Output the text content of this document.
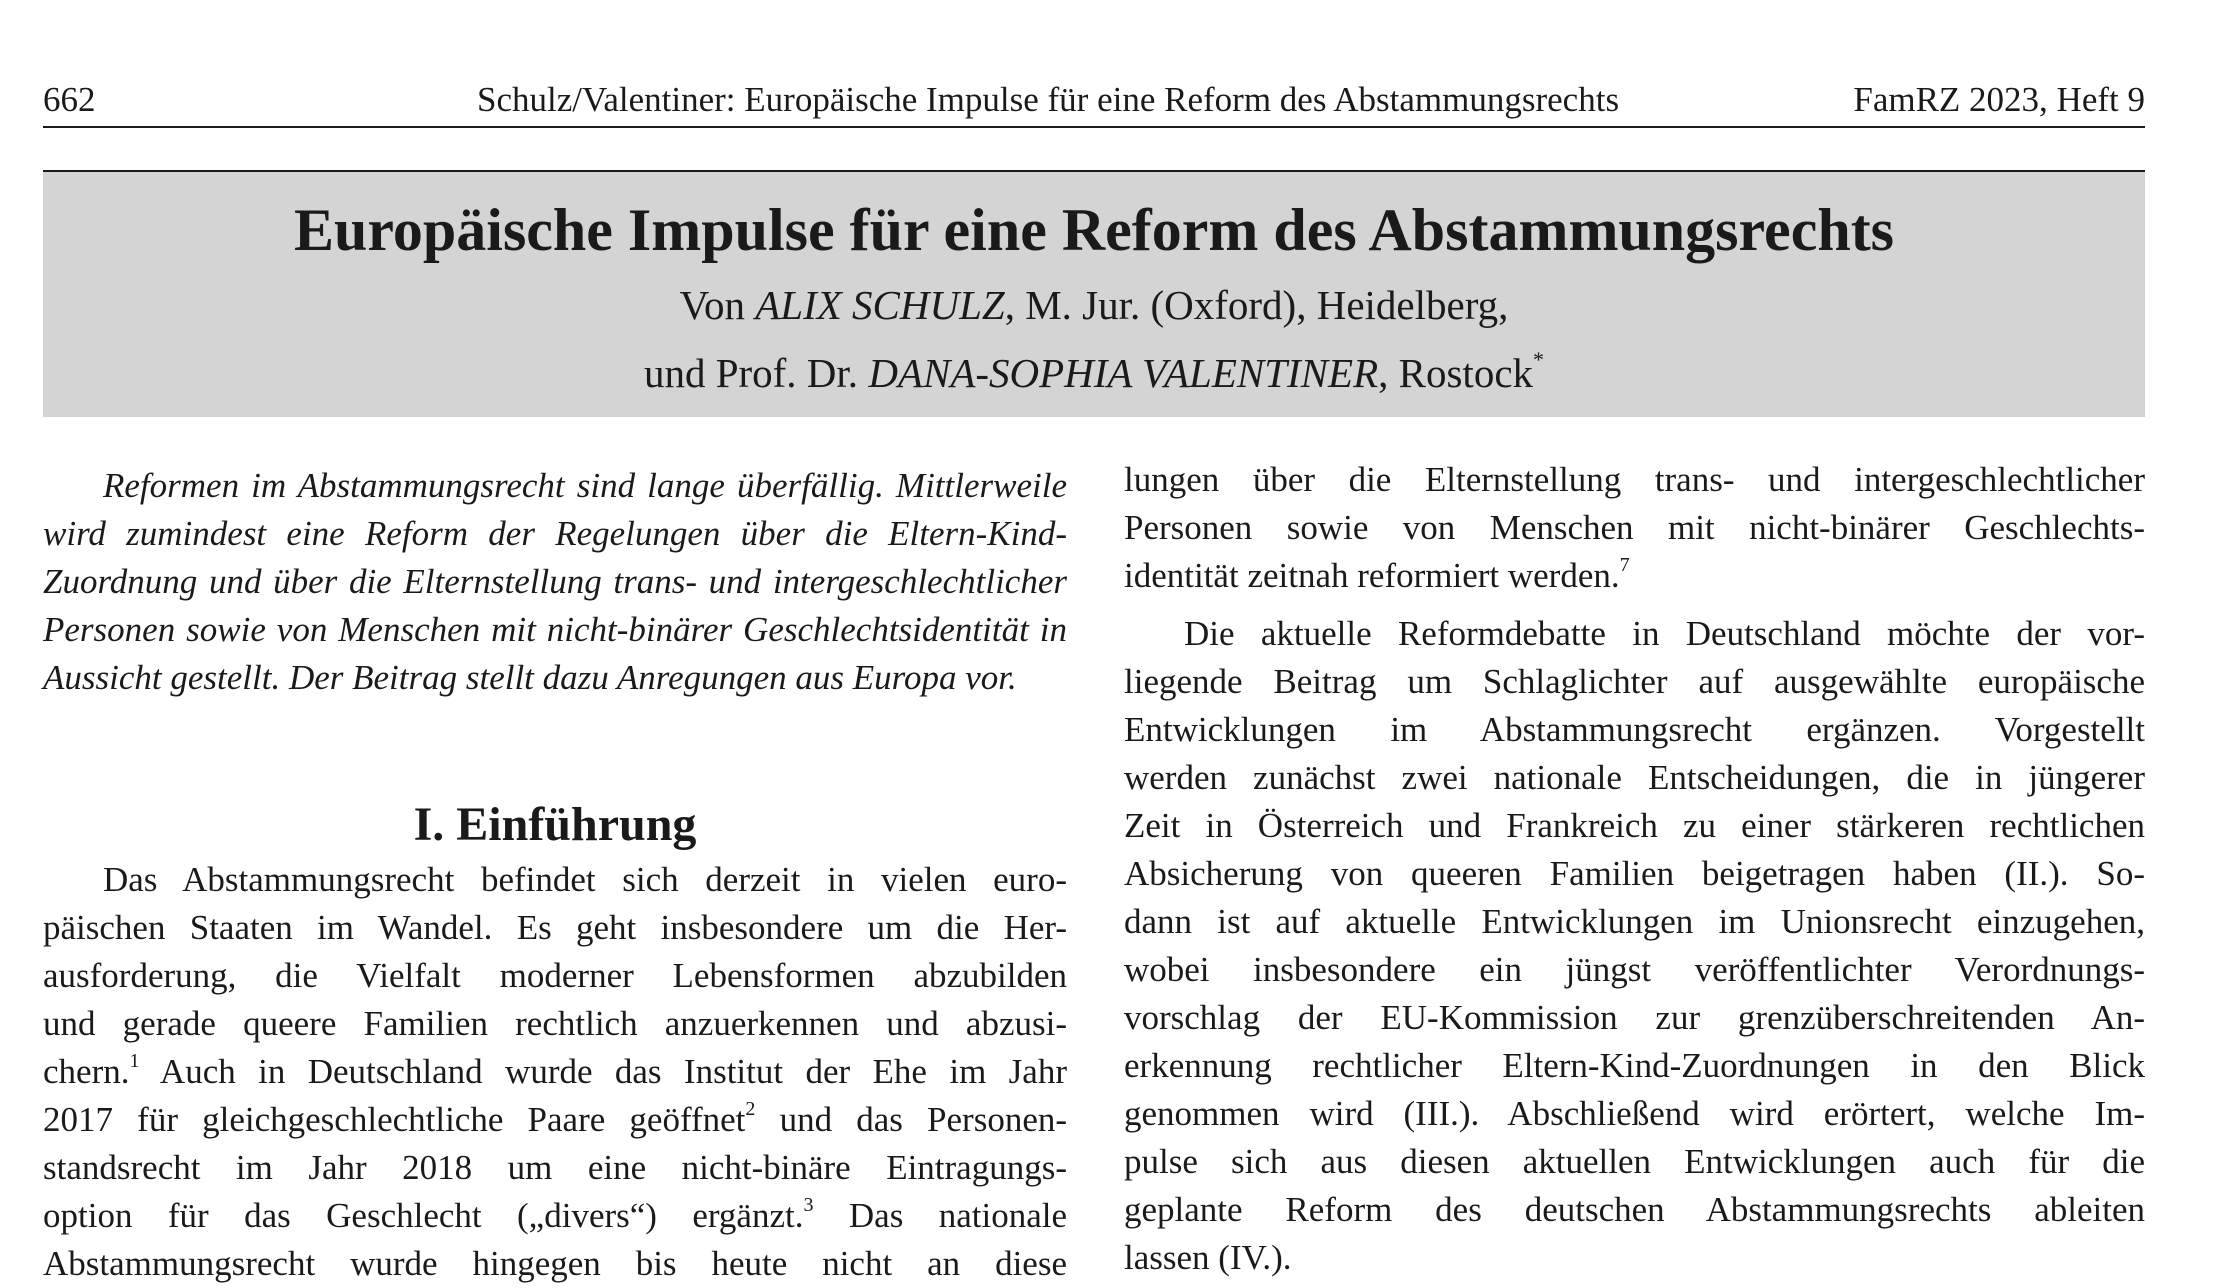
662	Schulz/Valentiner: Europäische Impulse für eine Reform des Abstammungsrechts	FamRZ 2023, Heft 9
Europäische Impulse für eine Reform des Abstammungsrechts
Von ALIX SCHULZ, M. Jur. (Oxford), Heidelberg,
und Prof. Dr. DANA-SOPHIA VALENTINER, Rostock*
Reformen im Abstammungsrecht sind lange überfällig. Mittlerweile
wird zumindest eine Reform der Regelungen über die Eltern-Kind-
Zuordnung und über die Elternstellung trans- und intergeschlechtlicher
Personen sowie von Menschen mit nicht-binärer Geschlechtsidentität in
Aussicht gestellt. Der Beitrag stellt dazu Anregungen aus Europa vor.
I. Einführung
Das Abstammungsrecht befindet sich derzeit in vielen euro-
päischen Staaten im Wandel. Es geht insbesondere um die Her-
ausforderung, die Vielfalt moderner Lebensformen abzubilden
und gerade queere Familien rechtlich anzuerkennen und abzusi-
chern.$^1$ Auch in Deutschland wurde das Institut der Ehe im Jahr
2017 für gleichgeschlechtliche Paare geöffnet$^2$ und das Personen-
standsrecht im Jahr 2018 um eine nicht-binäre Eintragungs-
option für das Geschlecht („divers“) ergänzt.$^3$ Das nationale
Abstammungsrecht wurde hingegen bis heute nicht an diese
lungen über die Elternstellung trans- und intergeschlechtlicher
Personen sowie von Menschen mit nicht-binärer Geschlechts-
identität zeitnah reformiert werden.$^7$
Die aktuelle Reformdebatte in Deutschland möchte der vor-
liegende Beitrag um Schlaglichter auf ausgewählte europäische
Entwicklungen im Abstammungsrecht ergänzen. Vorgestellt
werden zunächst zwei nationale Entscheidungen, die in jüngerer
Zeit in Österreich und Frankreich zu einer stärkeren rechtlichen
Absicherung von queeren Familien beigetragen haben (II.). So-
dann ist auf aktuelle Entwicklungen im Unionsrecht einzugehen,
wobei insbesondere ein jüngst veröffentlichter Verordnungs-
vorschlag der EU-Kommission zur grenzüberschreitenden An-
erkennung rechtlicher Eltern-Kind-Zuordnungen in den Blick
genommen wird (III.). Abschließend wird erörtert, welche Im-
pulse sich aus diesen aktuellen Entwicklungen auch für die
geplante Reform des deutschen Abstammungsrechts ableiten
lassen (IV.).
